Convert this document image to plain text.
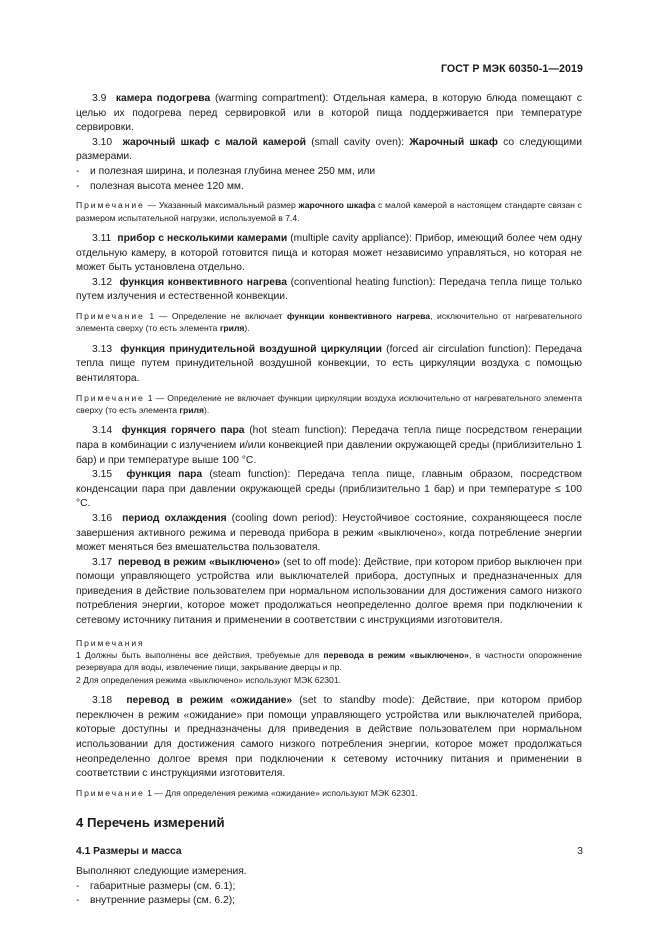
ГОСТ Р МЭК 60350-1—2019

3.9 камера подогрева (warming compartment): Отдельная камера, в которую блюда помещают с целью их подогрева перед сервировкой или в которой пища поддерживается при температуре сервировки.

3.10 жарочный шкаф с малой камерой (small cavity oven): Жарочный шкаф со следующими размерами.

- и полезная ширина, и полезная глубина менее 250 мм, или

- полезная высота менее 120 мм.

Примечание — Указанный максимальный размер жарочного шкафа с малой камерой в настоящем стандарте связан с размером испытательной нагрузки, используемой в 7.4.

3.11 прибор с несколькими камерами (multiple cavity appliance): Прибор, имеющий более чем одну отдельную камеру, в которой готовится пища и которая может независимо управляться, но которая не может быть установлена отдельно.

3.12 функция конвективного нагрева (conventional heating function): Передача тепла пище только путем излучения и естественной конвекции.

Примечание 1 — Определение не включает функции конвективного нагрева, исключительно от нагревательного элемента сверху (то есть элемента гриля).

3.13 функция принудительной воздушной циркуляции (forced air circulation function): Передача тепла пище путем принудительной воздушной конвекции, то есть циркуляции воздуха с помощью вентилятора.

Примечание 1 — Определение не включает функции циркуляции воздуха исключительно от нагревательного элемента сверху (то есть элемента гриля).

3.14 функция горячего пара (hot steam function): Передача тепла пище посредством генерации пара в комбинации с излучением и/или конвекцией при давлении окружающей среды (приблизительно 1 бар) и при температуре выше 100 °С.

3.15 функция пара (steam function): Передача тепла пище, главным образом, посредством конденсации пара при давлении окружающей среды (приблизительно 1 бар) и при температуре ≤ 100 °С.

3.16 период охлаждения (cooling down period): Неустойчивое состояние, сохраняющееся после завершения активного режима и перевода прибора в режим «выключено», когда потребление энергии может меняться без вмешательства пользователя.

3.17 перевод в режим «выключено» (set to off mode): Действие, при котором прибор выключен при помощи управляющего устройства или выключателей прибора, доступных и предназначенных для приведения в действие пользователем при нормальном использовании для достижения самого низкого потребления энергии, которое может продолжаться неопределенно долгое время при подключении к сетевому источнику питания и применении в соответствии с инструкциями изготовителя.

Примечания

1 Должны быть выполнены все действия, требуемые для перевода в режим «выключено», в частности опорожнение резервуара для воды, извлечение пищи, закрывание дверцы и пр.

2 Для определения режима «выключено» используют МЭК 62301.

3.18 перевод в режим «ожидание» (set to standby mode): Действие, при котором прибор переключен в режим «ожидание» при помощи управляющего устройства или выключателей прибора, которые доступны и предназначены для приведения в действие пользователем при нормальном использовании для достижения самого низкого потребления энергии, которое может продолжаться неопределенно долгое время при подключении к сетевому источнику питания и применении в соответствии с инструкциями изготовителя.

Примечание 1 — Для определения режима «ожидание» используют МЭК 62301.

4 Перечень измерений

4.1 Размеры и масса

Выполняют следующие измерения.

- габаритные размеры (см. 6.1);

- внутренние размеры (см. 6.2);

3
